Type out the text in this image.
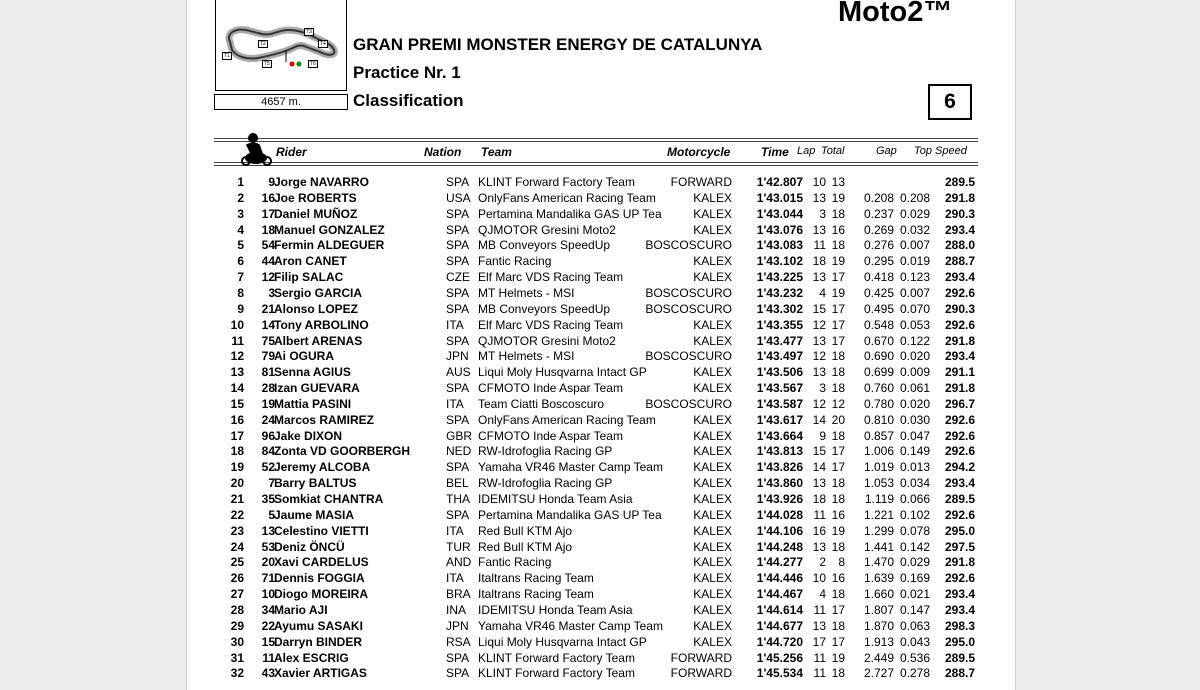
T1
T2
T3
T4
T5	T6
4657 m.
Moto2™
GRAN PREMI MONSTER ENERGY DE CATALUNYA
Practice Nr. 1
Classification	6
Rider	Nation Team	Motorcycle	Time Lap Total	Gap Top Speed
1 9 Jorge NAVARRO	SPA KLINT Forward Factory Team	FORWARD 1'42.807 10 13	289.5
2 16 Joe ROBERTS	USA OnlyFans American Racing Team	KALEX 1'43.015 13 19 0.208 0.208 291.8
3 17 Daniel MUÑOZ	SPA Pertamina Mandalika GAS UP Tea	KALEX 1'43.044 3 18 0.237 0.029 290.3
4 18 Manuel GONZALEZ	SPA QJMOTOR Gresini Moto2	KALEX 1'43.076 13 16 0.269 0.032 293.4
5 54 Fermin ALDEGUER	SPA MB Conveyors SpeedUp	BOSCOSCURO 1'43.083 11 18 0.276 0.007 288.0
6 44 Aron CANET	SPA Fantic Racing	KALEX 1'43.102 18 19 0.295 0.019 288.7
7 12 Filip SALAC	CZE Elf Marc VDS Racing Team	KALEX 1'43.225 13 17 0.418 0.123 293.4
8 3 Sergio GARCIA	SPA MT Helmets - MSI	BOSCOSCURO 1'43.232 4 19 0.425 0.007 292.6
9 21 Alonso LOPEZ	SPA MB Conveyors SpeedUp	BOSCOSCURO 1'43.302 15 17 0.495 0.070 290.3
10 14 Tony ARBOLINO	ITA Elf Marc VDS Racing Team	KALEX 1'43.355 12 17 0.548 0.053 292.6
11 75 Albert ARENAS	SPA QJMOTOR Gresini Moto2	KALEX 1'43.477 13 17 0.670 0.122 291.8
12 79 Ai OGURA	JPN MT Helmets - MSI	BOSCOSCURO 1'43.497 12 18 0.690 0.020 293.4
13 81 Senna AGIUS	AUS Liqui Moly Husqvarna Intact GP	KALEX 1'43.506 13 18 0.699 0.009 291.1
14 28 Izan GUEVARA	SPA CFMOTO Inde Aspar Team	KALEX 1'43.567 3 18 0.760 0.061 291.8
15 19 Mattia PASINI	ITA Team Ciatti Boscoscuro	BOSCOSCURO 1'43.587 12 12 0.780 0.020 296.7
16 24 Marcos RAMIREZ	SPA OnlyFans American Racing Team	KALEX 1'43.617 14 20 0.810 0.030 292.6
17 96 Jake DIXON	GBR CFMOTO Inde Aspar Team	KALEX 1'43.664 9 18 0.857 0.047 292.6
18 84 Zonta VD GOORBERGH	NED RW-Idrofoglia Racing GP	KALEX 1'43.813 15 17 1.006 0.149 292.6
19 52 Jeremy ALCOBA	SPA Yamaha VR46 Master Camp Team	KALEX 1'43.826 14 17 1.019 0.013 294.2
20 7 Barry BALTUS	BEL RW-Idrofoglia Racing GP	KALEX 1'43.860 13 18 1.053 0.034 293.4
21 35 Somkiat CHANTRA	THA IDEMITSU Honda Team Asia	KALEX 1'43.926 18 18 1.119 0.066 289.5
22 5 Jaume MASIA	SPA Pertamina Mandalika GAS UP Tea	KALEX 1'44.028 11 16 1.221 0.102 292.6
23 13 Celestino VIETTI	ITA Red Bull KTM Ajo	KALEX 1'44.106 16 19 1.299 0.078 295.0
24 53 Deniz ÖNCÜ	TUR Red Bull KTM Ajo	KALEX 1'44.248 13 18 1.441 0.142 297.5
25 20 Xavi CARDELUS	AND Fantic Racing	KALEX 1'44.277 2 8 1.470 0.029 291.8
26 71 Dennis FOGGIA	ITA Italtrans Racing Team	KALEX 1'44.446 10 16 1.639 0.169 292.6
27 10 Diogo MOREIRA	BRA Italtrans Racing Team	KALEX 1'44.467 4 18 1.660 0.021 293.4
28 34 Mario AJI	INA IDEMITSU Honda Team Asia	KALEX 1'44.614 11 17 1.807 0.147 293.4
29 22 Ayumu SASAKI	JPN Yamaha VR46 Master Camp Team	KALEX 1'44.677 13 18 1.870 0.063 298.3
30 15 Darryn BINDER	RSA Liqui Moly Husqvarna Intact GP	KALEX 1'44.720 17 17 1.913 0.043 295.0
31 11 Alex ESCRIG	SPA KLINT Forward Factory Team	FORWARD 1'45.256 11 19 2.449 0.536 289.5
32 43 Xavier ARTIGAS	SPA KLINT Forward Factory Team	FORWARD 1'45.534 11 18 2.727 0.278 288.7
